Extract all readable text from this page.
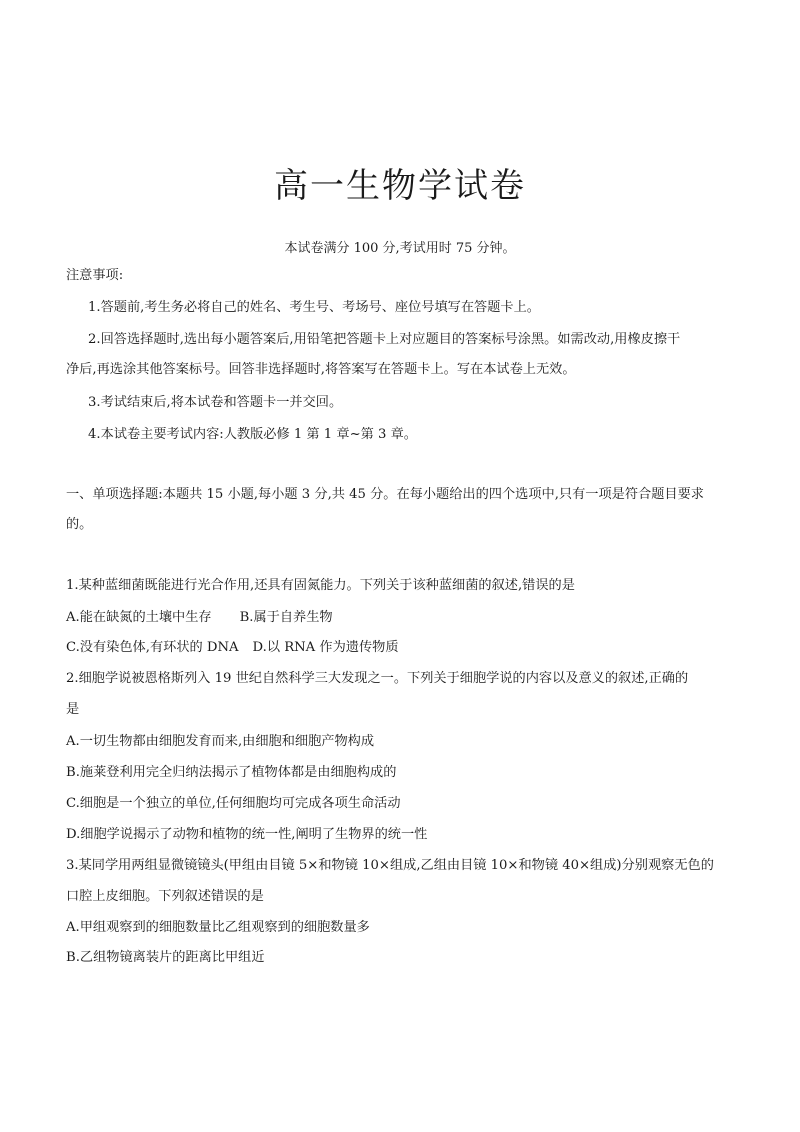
高一生物学试卷
本试卷满分 100 分,考试用时 75 分钟。
注意事项:
1.答题前,考生务必将自己的姓名、考生号、考场号、座位号填写在答题卡上。
2.回答选择题时,选出每小题答案后,用铅笔把答题卡上对应题目的答案标号涂黑。如需改动,用橡皮擦干
净后,再选涂其他答案标号。回答非选择题时,将答案写在答题卡上。写在本试卷上无效。
3.考试结束后,将本试卷和答题卡一并交回。
4.本试卷主要考试内容:人教版必修 1 第 1 章~第 3 章。
一、单项选择题:本题共 15 小题,每小题 3 分,共 45 分。在每小题给出的四个选项中,只有一项是符合题目要求
的。
1.某种蓝细菌既能进行光合作用,还具有固氮能力。下列关于该种蓝细菌的叙述,错误的是
A.能在缺氮的土壤中生存 B.属于自养生物
C.没有染色体,有环状的 DNA D.以 RNA 作为遗传物质
2.细胞学说被恩格斯列入 19 世纪自然科学三大发现之一。下列关于细胞学说的内容以及意义的叙述,正确的
是
A.一切生物都由细胞发育而来,由细胞和细胞产物构成
B.施莱登利用完全归纳法揭示了植物体都是由细胞构成的
C.细胞是一个独立的单位,任何细胞均可完成各项生命活动
D.细胞学说揭示了动物和植物的统一性,阐明了生物界的统一性
3.某同学用两组显微镜镜头(甲组由目镜 5×和物镜 10×组成,乙组由目镜 10×和物镜 40×组成)分别观察无色的
口腔上皮细胞。下列叙述错误的是
A.甲组观察到的细胞数量比乙组观察到的细胞数量多
B.乙组物镜离装片的距离比甲组近
